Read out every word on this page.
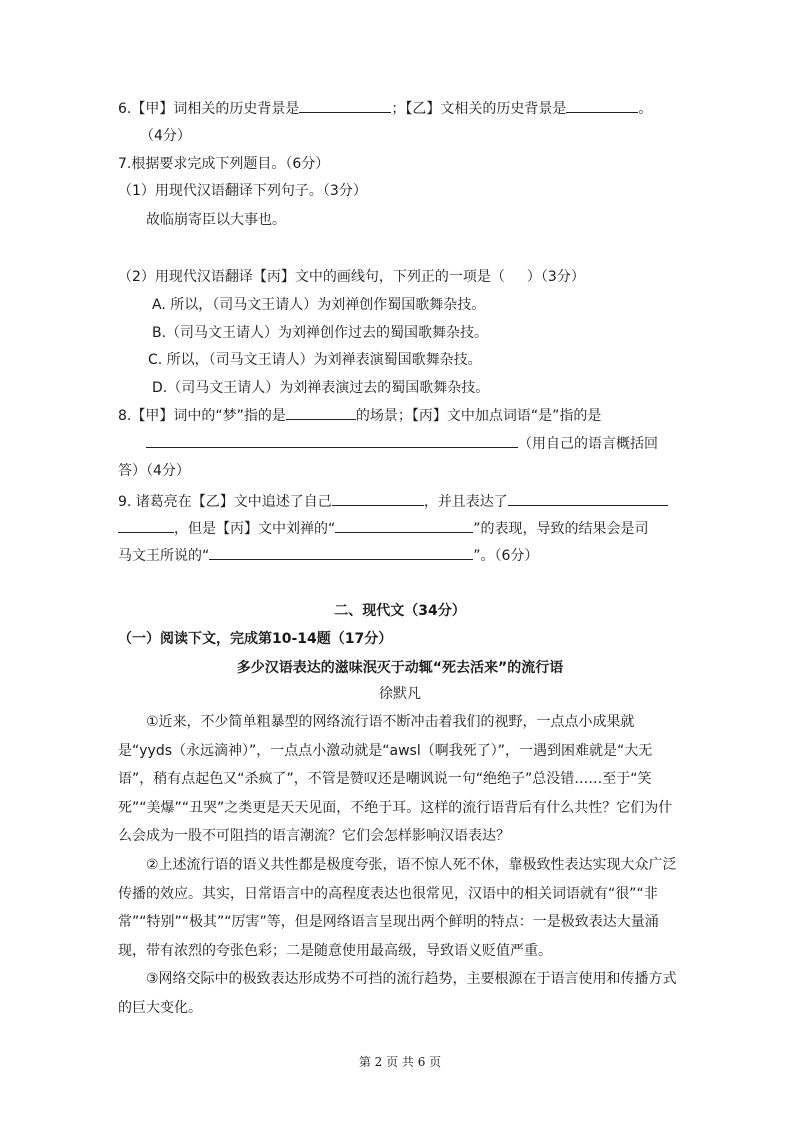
6.【甲】词相关的历史背景是	；【乙】文相关的历史背景是	。
（4分）
7.根据要求完成下列题目。（6分）
（1）用现代汉语翻译下列句子。（3分）
故临崩寄臣以大事也。
（2）用现代汉语翻译【丙】文中的画线句，下列正的一项是（ ）（3分）
A. 所以，（司马文王请人）为刘禅创作蜀国歌舞杂技。
B.（司马文王请人）为刘禅创作过去的蜀国歌舞杂技。
C. 所以，（司马文王请人）为刘禅表演蜀国歌舞杂技。
D.（司马文王请人）为刘禅表演过去的蜀国歌舞杂技。
8.【甲】词中的“梦”指的是	的场景；【丙】文中加点词语“是”指的是
（用自己的语言概括回
答）（4分）
9. 诸葛亮在【乙】文中追述了自己	，并且表达了
，但是【丙】文中刘禅的“	”的表现，导致的结果会是司
马文王所说的“	”。（6分）
二、现代文（34分）
（一）阅读下文，完成第10-14题（17分）
多少汉语表达的滋味泯灭于动辄“死去活来”的流行语
徐默凡
①近来，不少简单粗暴型的网络流行语不断冲击着我们的视野，一点点小成果就是“yyds（永远滴神）”，一点点小激动就是“awsl（啊我死了）”，一遇到困难就是“大无语”，稍有点起色又“杀疯了”，不管是赞叹还是嘲讽说一句“绝绝子”总没错……至于“笑死”“美爆”“丑哭”之类更是天天见面，不绝于耳。这样的流行语背后有什么共性？它们为什么会成为一股不可阻挡的语言潮流？它们会怎样影响汉语表达？
②上述流行语的语义共性都是极度夸张，语不惊人死不休，靠极致性表达实现大众广泛传播的效应。其实，日常语言中的高程度表达也很常见，汉语中的相关词语就有“很”“非常”“特别”“极其”“厉害”等，但是网络语言呈现出两个鲜明的特点：一是极致表达大量涌现，带有浓烈的夸张色彩；二是随意使用最高级，导致语义贬值严重。
③网络交际中的极致表达形成势不可挡的流行趋势，主要根源在于语言使用和传播方式的巨大变化。
第 2 页 共 6 页
